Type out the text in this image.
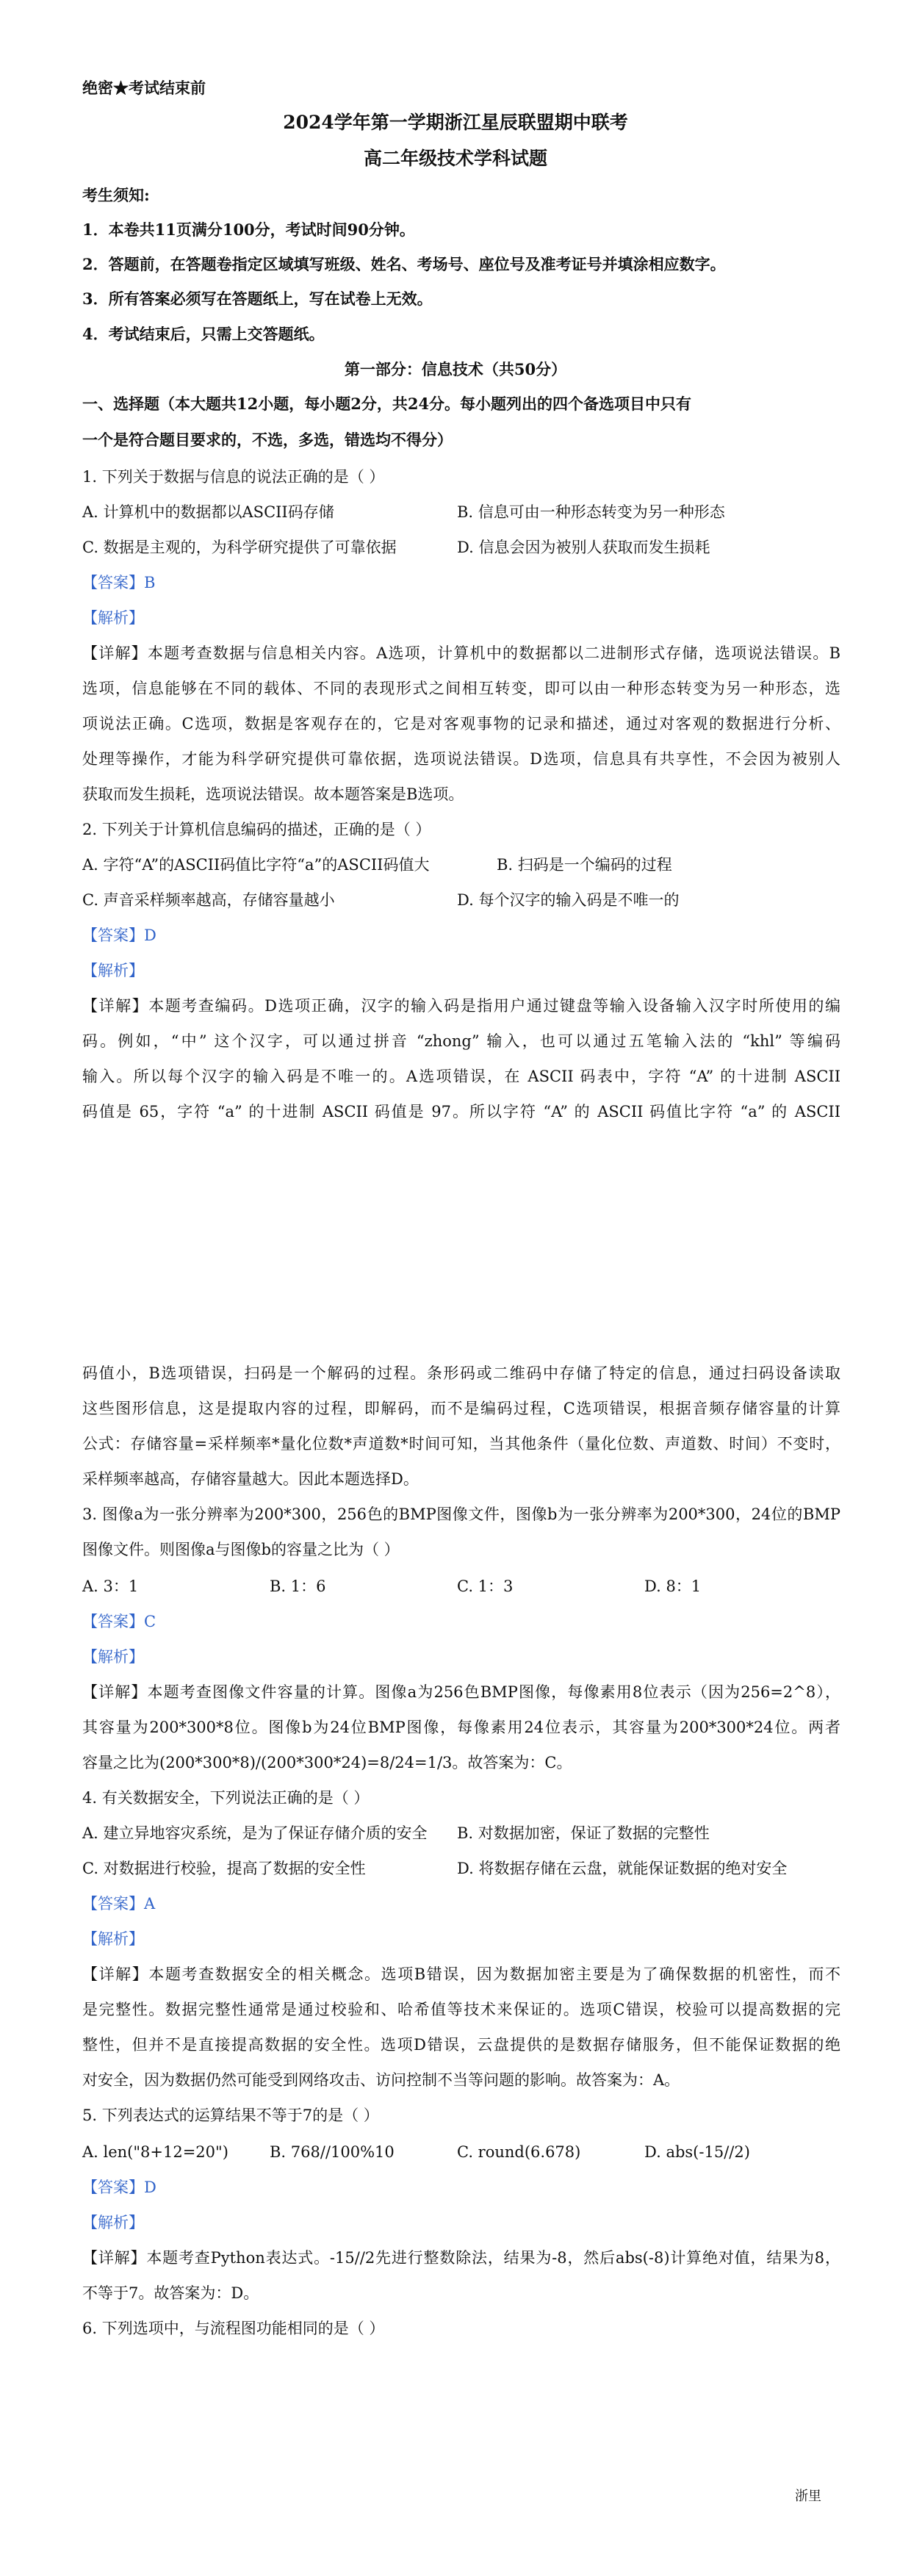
绝密★考试结束前
2024学年第一学期浙江星辰联盟期中联考
高二年级技术学科试题
考生须知:
1．本卷共11页满分100分，考试时间90分钟。
2．答题前，在答题卷指定区域填写班级、姓名、考场号、座位号及准考证号并填涂相应数字。
3．所有答案必须写在答题纸上，写在试卷上无效。
4．考试结束后，只需上交答题纸。
第一部分：信息技术（共50分）
一、选择题（本大题共12小题，每小题2分，共24分。每小题列出的四个备选项目中只有
一个是符合题目要求的，不选，多选，错选均不得分）
1. 下列关于数据与信息的说法正确的是（ ）
A. 计算机中的数据都以ASCII码存储	B. 信息可由一种形态转变为另一种形态
C. 数据是主观的，为科学研究提供了可靠依据	D. 信息会因为被别人获取而发生损耗
【答案】B
【解析】
【详解】本题考查数据与信息相关内容。A选项，计算机中的数据都以二进制形式存储，选项说法错误。B
选项，信息能够在不同的载体、不同的表现形式之间相互转变，即可以由一种形态转变为另一种形态，选
项说法正确。C选项，数据是客观存在的，它是对客观事物的记录和描述，通过对客观的数据进行分析、
处理等操作，才能为科学研究提供可靠依据，选项说法错误。D选项，信息具有共享性，不会因为被别人
获取而发生损耗，选项说法错误。故本题答案是B选项。
2. 下列关于计算机信息编码的描述，正确的是（ ）
A. 字符“A”的ASCII码值比字符“a”的ASCII码值大	B. 扫码是一个编码的过程
C. 声音采样频率越高，存储容量越小	D. 每个汉字的输入码是不唯一的
【答案】D
【解析】
【详解】本题考查编码。D选项正确，汉字的输入码是指用户通过键盘等输入设备输入汉字时所使用的编
码。例如，“中” 这个汉字，可以通过拼音 “zhong” 输入，也可以通过五笔输入法的 “khl” 等编码
输入。所以每个汉字的输入码是不唯一的。A选项错误，在 ASCII 码表中，字符 “A” 的十进制 ASCII
码值是 65，字符 “a” 的十进制 ASCII 码值是 97。所以字符 “A” 的 ASCII 码值比字符 “a” 的 ASCII
码值小，B选项错误，扫码是一个解码的过程。条形码或二维码中存储了特定的信息，通过扫码设备读取
这些图形信息，这是提取内容的过程，即解码，而不是编码过程，C选项错误，根据音频存储容量的计算
公式：存储容量=采样频率*量化位数*声道数*时间可知，当其他条件（量化位数、声道数、时间）不变时，
采样频率越高，存储容量越大。因此本题选择D。
3. 图像a为一张分辨率为200*300，256色的BMP图像文件，图像b为一张分辨率为200*300，24位的BMP
图像文件。则图像a与图像b的容量之比为（ ）
A. 3：1	B. 1：6	C. 1：3	D. 8：1
【答案】C
【解析】
【详解】本题考查图像文件容量的计算。图像a为256色BMP图像，每像素用8位表示（因为256=2^8），
其容量为200*300*8位。图像b为24位BMP图像，每像素用24位表示，其容量为200*300*24位。两者
容量之比为(200*300*8)/(200*300*24)=8/24=1/3。故答案为：C。
4. 有关数据安全，下列说法正确的是（ ）
A. 建立异地容灾系统，是为了保证存储介质的安全 B. 对数据加密，保证了数据的完整性
C. 对数据进行校验，提高了数据的安全性	D. 将数据存储在云盘，就能保证数据的绝对安全
【答案】A
【解析】
【详解】本题考查数据安全的相关概念。选项B错误，因为数据加密主要是为了确保数据的机密性，而不
是完整性。数据完整性通常是通过校验和、哈希值等技术来保证的。选项C错误，校验可以提高数据的完
整性，但并不是直接提高数据的安全性。选项D错误，云盘提供的是数据存储服务，但不能保证数据的绝
对安全，因为数据仍然可能受到网络攻击、访问控制不当等问题的影响。故答案为：A。
5. 下列表达式的运算结果不等于7的是（ ）
A. len("8+12=20")	B. 768//100%10	C. round(6.678)	D. abs(-15//2)
【答案】D
【解析】
【详解】本题考查Python表达式。-15//2先进行整数除法，结果为-8，然后abs(-8)计算绝对值，结果为8，
不等于7。故答案为：D。
6. 下列选项中，与流程图功能相同的是（ ）
浙里
